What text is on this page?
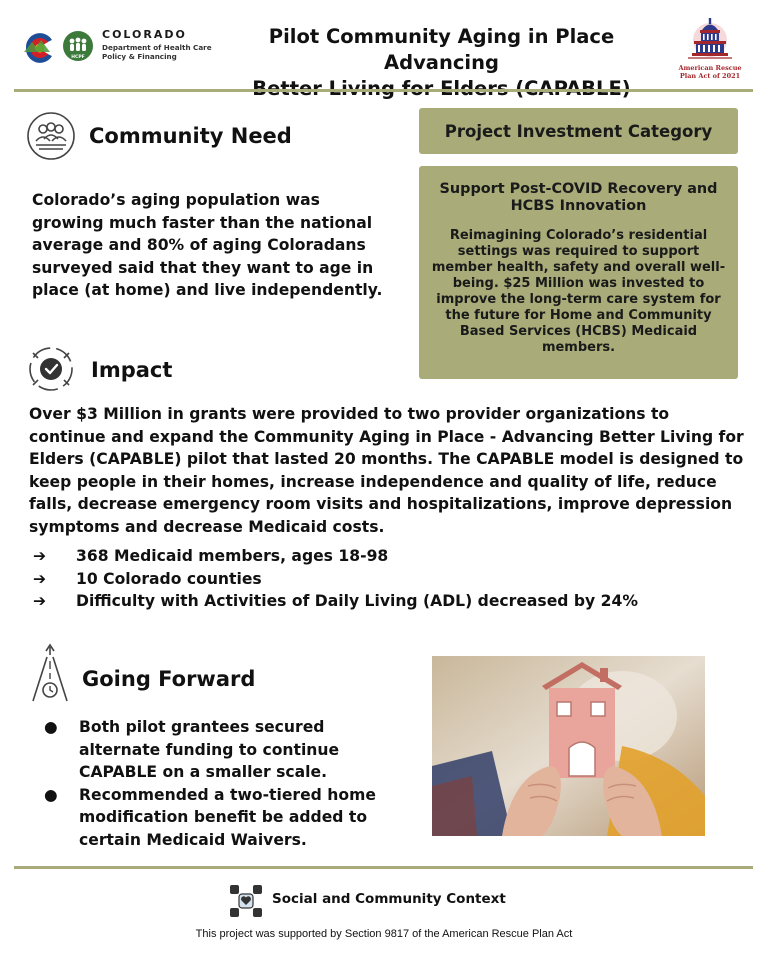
HCPF
COLORADO
Department of Health Care
Policy & Financing
Pilot Community Aging in Place Advancing	American Rescue
Plan Act of 2021
Community Need
Colorado’s aging population was growing much faster than the national average and 80% of aging Coloradans surveyed said that they want to age in place (at home) and live independently.
Project Investment Category
Support Post-COVID Recovery and HCBS Innovation
Reimagining Colorado’s residential settings was required to support member health, safety and overall well-being. $25 Million was invested to improve the long-term care system for the future for Home and Community Based Services (HCBS) Medicaid members.
Impact
Over $3 Million in grants were provided to two provider organizations to continue and expand the Community Aging in Place - Advancing Better Living for Elders (CAPABLE) pilot that lasted 20 months. The CAPABLE model is designed to keep people in their homes, increase independence and quality of life, reduce falls, decrease emergency room visits and hospitalizations, improve depression symptoms and decrease Medicaid costs.
➔ 368 Medicaid members, ages 18-98
➔ 10 Colorado counties
➔ Difficulty with Activities of Daily Living (ADL) decreased by 24%
Going Forward
● Both pilot grantees secured alternate funding to continue CAPABLE on a smaller scale.
● Recommended a two-tiered home modification benefit be added to certain Medicaid Waivers.
Social and Community Context
This project was supported by Section 9817 of the American Rescue Plan Act
